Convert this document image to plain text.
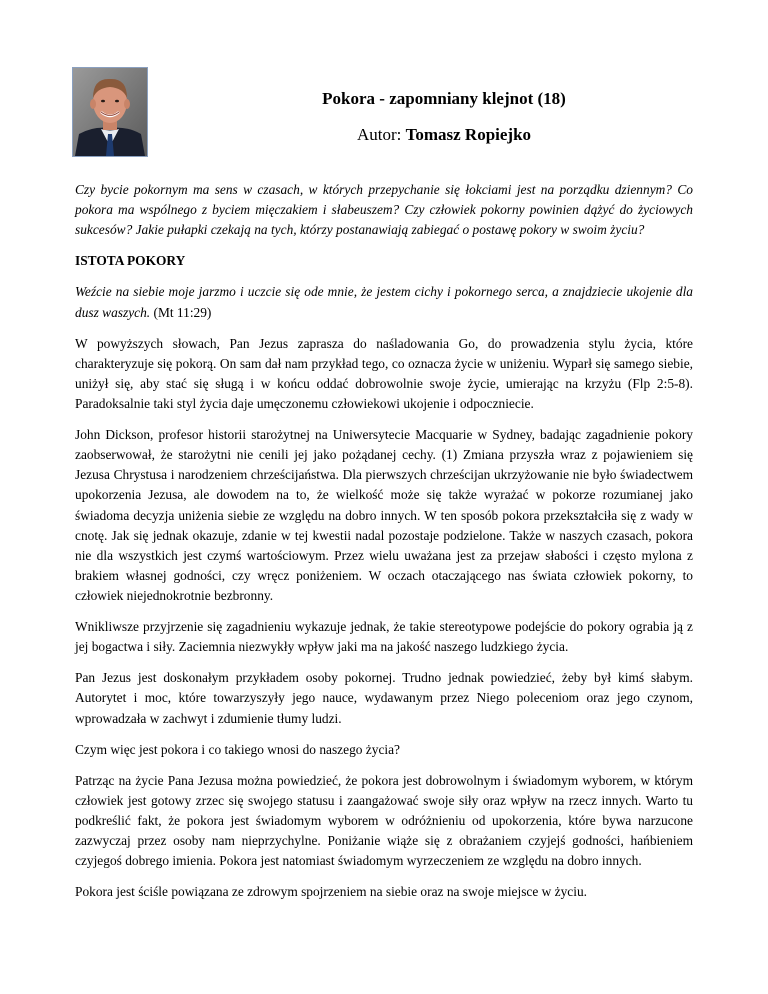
Pokora - zapomniany klejnot (18)
Autor: Tomasz Ropiejko

Czy bycie pokornym ma sens w czasach, w których przepychanie się łokciami jest na porządku dziennym? Co pokora ma wspólnego z byciem mięczakiem i słabeuszem? Czy człowiek pokorny powinien dążyć do życiowych sukcesów? Jakie pułapki czekają na tych, którzy postanawiają zabiegać o postawę pokory w swoim życiu?

ISTOTA POKORY

Weźcie na siebie moje jarzmo i uczcie się ode mnie, że jestem cichy i pokornego serca, a znajdziecie ukojenie dla dusz waszych. (Mt 11:29)

W powyższych słowach, Pan Jezus zaprasza do naśladowania Go, do prowadzenia stylu życia, które charakteryzuje się pokorą. On sam dał nam przykład tego, co oznacza życie w uniżeniu. Wyparł się samego siebie, uniżył się, aby stać się sługą i w końcu oddać dobrowolnie swoje życie, umierając na krzyżu (Flp 2:5-8). Paradoksalnie taki styl życia daje umęczonemu człowiekowi ukojenie i odpoczniecie.

John Dickson, profesor historii starożytnej na Uniwersytecie Macquarie w Sydney, badając zagadnienie pokory zaobserwował, że starożytni nie cenili jej jako pożądanej cechy. (1) Zmiana przyszła wraz z pojawieniem się Jezusa Chrystusa i narodzeniem chrześcijaństwa. Dla pierwszych chrześcijan ukrzyżowanie nie było świadectwem upokorzenia Jezusa, ale dowodem na to, że wielkość może się także wyrażać w pokorze rozumianej jako świadoma decyzja uniżenia siebie ze względu na dobro innych. W ten sposób pokora przekształciła się z wady w cnotę. Jak się jednak okazuje, zdanie w tej kwestii nadal pozostaje podzielone. Także w naszych czasach, pokora nie dla wszystkich jest czymś wartościowym. Przez wielu uważana jest za przejaw słabości i często mylona z brakiem własnej godności, czy wręcz poniżeniem. W oczach otaczającego nas świata człowiek pokorny, to człowiek niejednokrotnie bezbronny.

Wnikliwsze przyjrzenie się zagadnieniu wykazuje jednak, że takie stereotypowe podejście do pokory ograbia ją z jej bogactwa i siły. Zaciemnia niezwykły wpływ jaki ma na jakość naszego ludzkiego życia.

Pan Jezus jest doskonałym przykładem osoby pokornej. Trudno jednak powiedzieć, żeby był kimś słabym. Autorytet i moc, które towarzyszyły jego nauce, wydawanym przez Niego poleceniom oraz jego czynom, wprowadzała w zachwyt i zdumienie tłumy ludzi.

Czym więc jest pokora i co takiego wnosi do naszego życia?

Patrząc na życie Pana Jezusa można powiedzieć, że pokora jest dobrowolnym i świadomym wyborem, w którym człowiek jest gotowy zrzec się swojego statusu i zaangażować swoje siły oraz wpływ na rzecz innych. Warto tu podkreślić fakt, że pokora jest świadomym wyborem w odróżnieniu od upokorzenia, które bywa narzucone zazwyczaj przez osoby nam nieprzychylne. Poniżanie wiąże się z obrażaniem czyjejś godności, hańbieniem czyjegoś dobrego imienia. Pokora jest natomiast świadomym wyrzeczeniem ze względu na dobro innych.

Pokora jest ściśle powiązana ze zdrowym spojrzeniem na siebie oraz na swoje miejsce w życiu.
